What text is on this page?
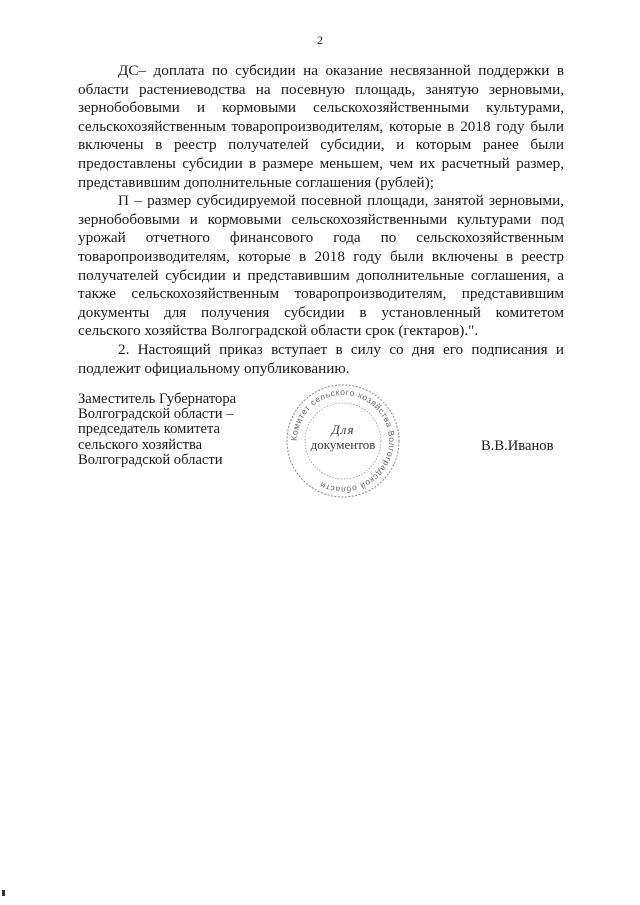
2

ДС– доплата по субсидии на оказание несвязанной поддержки в области растениеводства на посевную площадь, занятую зерновыми, зернобобовыми и кормовыми сельскохозяйственными культурами, сельскохозяйственным товаропроизводителям, которые в 2018 году были включены в реестр получателей субсидии, и которым ранее были предоставлены субсидии в размере меньшем, чем их расчетный размер, представившим дополнительные соглашения (рублей);

П – размер субсидируемой посевной площади, занятой зерновыми, зернобобовыми и кормовыми сельскохозяйственными культурами под урожай отчетного финансового года по сельскохозяйственным товаропроизводителям, которые в 2018 году были включены в реестр получателей субсидии и представившим дополнительные соглашения, а также сельскохозяйственным товаропроизводителям, представившим документы для получения субсидии в установленный комитетом сельского хозяйства Волгоградской области срок (гектаров).".

2. Настоящий приказ вступает в силу со дня его подписания и подлежит официальному опубликованию.

Заместитель Губернатора
Волгоградской области –
председатель комитета
сельского хозяйства
Волгоградской области
Комитет сельского хозяйства Волгоградской области
Для
документов	В.В.Иванов
